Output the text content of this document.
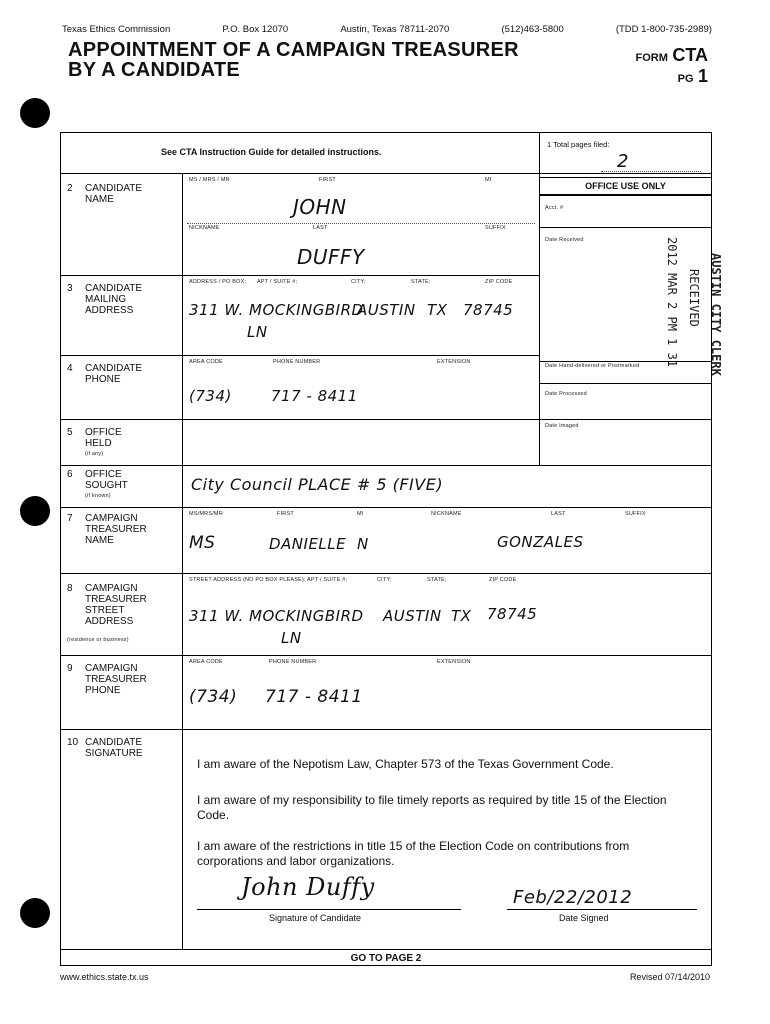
Texas Ethics Commission	P.O. Box 12070	Austin, Texas 78711-2070	(512)463-5800	(TDD 1-800-735-2989)
APPOINTMENT OF A CAMPAIGN TREASURER
BY A CANDIDATE
FORM CTA
PG 1
See CTA Instruction Guide for detailed instructions.
1 Total pages filed:
2
OFFICE USE ONLY
Acct. #
Date Received
Date Hand-delivered or Postmarked
Date Processed
Date Imaged
2012 MAR 2 PM 1 31 RECEIVED AUSTIN CITY CLERK
2 CANDIDATE
NAME
MS / MRS / MR	FIRST	MI
JOHN
NICKNAME	LAST	SUFFIX
DUFFY
3 CANDIDATE
MAILING
ADDRESS
ADDRESS / PO BOX; APT / SUITE #;	CITY;	STATE;	ZIP CODE
311 W. MOCKINGBIRD
LN
AUSTIN TX 78745
4 CANDIDATE
PHONE
AREA CODE	PHONE NUMBER	EXTENSION
(734)	717 - 8411
5 OFFICE
HELD
(if any)
6 OFFICE
SOUGHT
(if known)
City Council PLACE # 5 (FIVE)
7 CAMPAIGN
TREASURER
NAME
MS/MRS/MR	FIRST	MI	NICKNAME	LAST	SUFFIX
MS	DANIELLE N	GONZALES
8 CAMPAIGN
TREASURER
STREET
ADDRESS
(residence or business)
STREET ADDRESS (NO PO BOX PLEASE); APT / SUITE #;	CITY;	STATE;	ZIP CODE
311 W. MOCKINGBIRD
LN
AUSTIN TX 78745
9 CAMPAIGN
TREASURER
PHONE
AREA CODE	PHONE NUMBER	EXTENSION
(734) 717 - 8411
10 CANDIDATE
SIGNATURE
I am aware of the Nepotism Law, Chapter 573 of the Texas Government Code.
I am aware of my responsibility to file timely reports as required by title 15 of the Election Code.
I am aware of the restrictions in title 15 of the Election Code on contributions from corporations and labor organizations.
John Duffy
Signature of Candidate
Feb/22/2012
Date Signed
GO TO PAGE 2
www.ethics.state.tx.us	Revised 07/14/2010
